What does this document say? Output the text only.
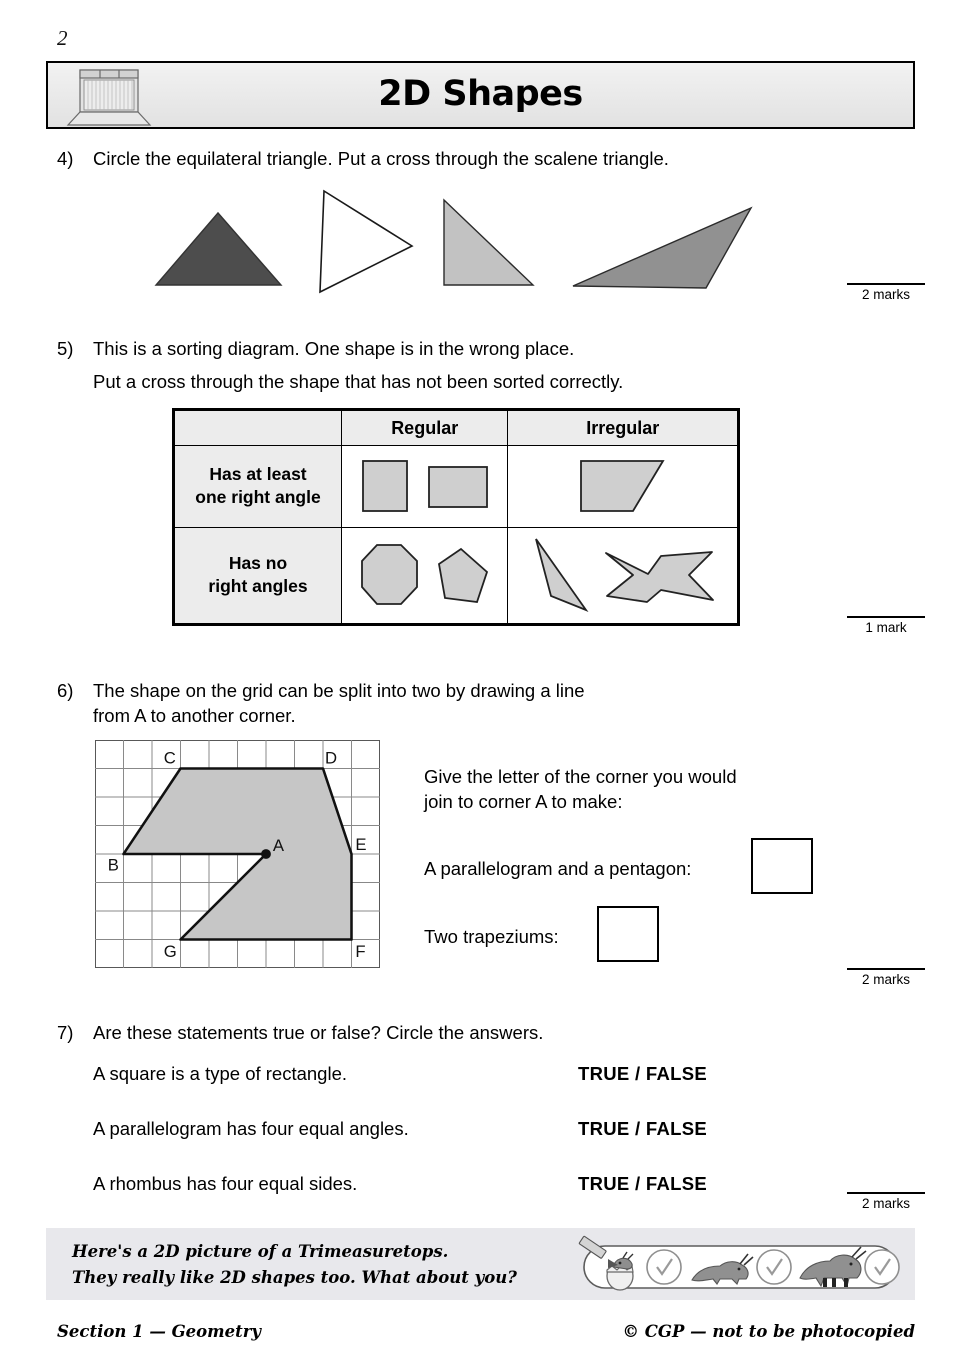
2
2D Shapes
4) Circle the equilateral triangle. Put a cross through the scalene triangle.
2 marks
5) This is a sorting diagram. One shape is in the wrong place.
Put a cross through the shape that has not been sorted correctly.
	Regular	Irregular

Has at least
one right angle

Has no
right angles

1 mark
6) The shape on the grid can be split into two by drawing a line
from A to another corner.
A
B
C	D
E
F
G
Give the letter of the corner you would
join to corner A to make:
A parallelogram and a pentagon:
Two trapeziums:
2 marks
7) Are these statements true or false? Circle the answers.
A square is a type of rectangle.	TRUE / FALSE
A parallelogram has four equal angles.	TRUE / FALSE
A rhombus has four equal sides.	TRUE / FALSE
2 marks
Here's a 2D picture of a Trimeasuretops.
They really like 2D shapes too. What about you?
Section 1 — Geometry	© CGP — not to be photocopied
